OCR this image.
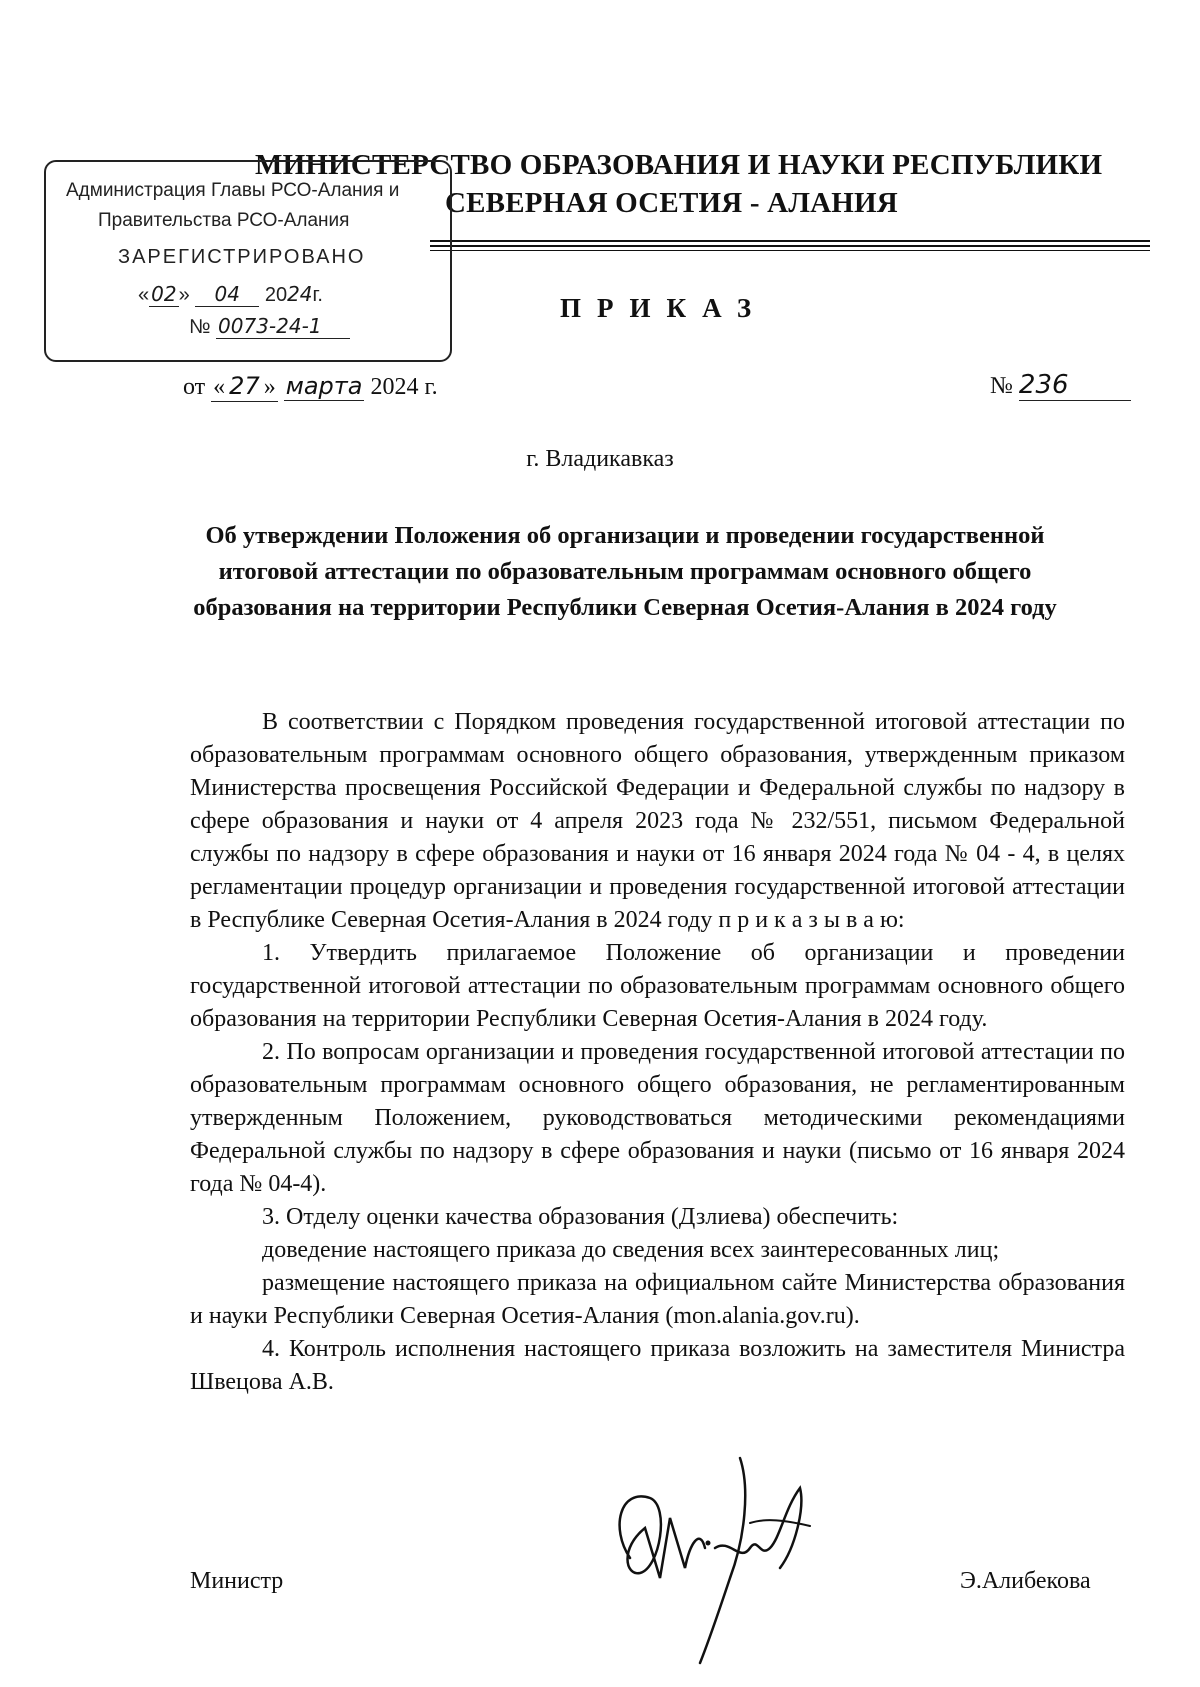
МИНИСТЕРСТВО ОБРАЗОВАНИЯ И НАУКИ РЕСПУБЛИКИ
СЕВЕРНАЯ ОСЕТИЯ - АЛАНИЯ
Администрация Главы РСО-Алания и
Правительства РСО-Алания
ЗАРЕГИСТРИРОВАНО
« 02 » 04 2024г.
№ 0073-24-1
ПРИКАЗ
от « 27 » марта 2024 г.	№ 236
г. Владикавказ
Об утверждении Положения об организации и проведении государственной итоговой аттестации по образовательным программам основного общего образования на территории Республики Северная Осетия-Алания в 2024 году

В соответствии с Порядком проведения государственной итоговой аттестации по образовательным программам основного общего образования, утвержденным приказом Министерства просвещения Российской Федерации и Федеральной службы по надзору в сфере образования и науки от 4 апреля 2023 года № 232/551, письмом Федеральной службы по надзору в сфере образования и науки от 16 января 2024 года № 04 - 4, в целях регламентации процедур организации и проведения государственной итоговой аттестации в Республике Северная Осетия-Алания в 2024 году п р и к а з ы в а ю:

1. Утвердить прилагаемое Положение об организации и проведении государственной итоговой аттестации по образовательным программам основного общего образования на территории Республики Северная Осетия-Алания в 2024 году.

2. По вопросам организации и проведения государственной итоговой аттестации по образовательным программам основного общего образования, не регламентированным утвержденным Положением, руководствоваться методическими рекомендациями Федеральной службы по надзору в сфере образования и науки (письмо от 16 января 2024 года № 04-4).

3. Отделу оценки качества образования (Дзлиева) обеспечить:

доведение настоящего приказа до сведения всех заинтересованных лиц;

размещение настоящего приказа на официальном сайте Министерства образования и науки Республики Северная Осетия-Алания (mon.alania.gov.ru).

4. Контроль исполнения настоящего приказа возложить на заместителя Министра Швецова А.В.

Министр	Э.Алибекова
